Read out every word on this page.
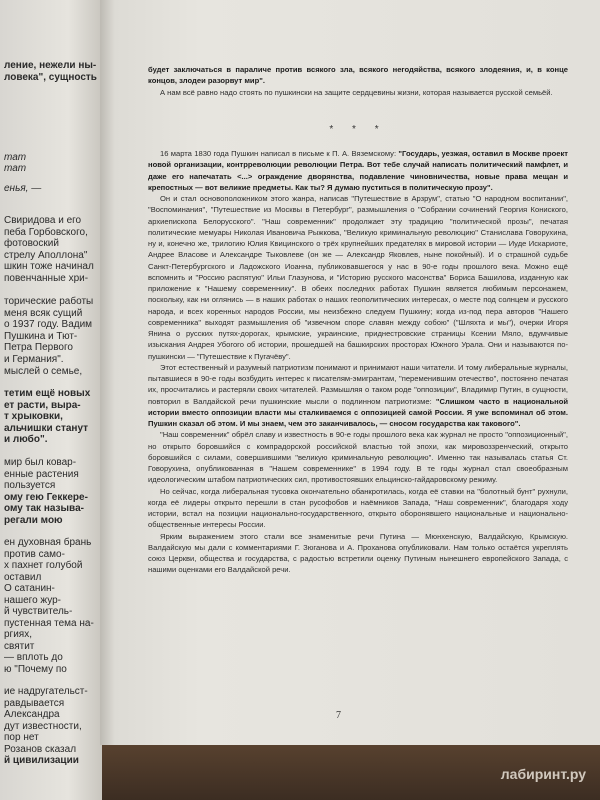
ление, нежели ны-
ловека", сущность
тат
тат
енья, —
Свиридова и его
пеба Горбовского,
фотовоский
стрелу Аполлона"
шкин тоже начинал
повенчанные хри-
торические работы
меня всяк сущий
о 1937 году. Вадим
Пушкина и Тют-
Петра Первого
и Германия".
мыслей о семье,
тетим ещё новых
ет расти, выра-
т хрыковки,
альчишки станут
и любо".
мир был ковар-
енные растения
пользуется
ому гею Геккере-
ому так называ-
регали мою
ен духовная брань
против само-
х пахнет голубой
оставил
О сатанин-
нашего жур-
й чувствитель-
пустенная тема на-
ргиях,
святит
— вплоть до
ю "Почему по
ие надругательст-
равдывается
Александра
дут известности,
пор нет
Розанов сказал
й цивилизации

будет заключаться в параличе против всякого зла, всякого негодяйства, всякого злодеяния, и, в конце концов, злодеи разорвут мир".

А нам всё равно надо стоять по пушкински на защите сердцевины жизни, которая называется русской семьёй.

* * *

16 марта 1830 года Пушкин написал в письме к П. А. Вяземскому: "Государь, уезжая, оставил в Москве проект новой организации, контрреволюции революции Петра. Вот тебе случай написать политический памфлет, и даже его напечатать <...> ограждение дворянства, подавление чиновничества, новые права мещан и крепостных — вот великие предметы. Как ты? Я думаю пуститься в политическую прозу".

Он и стал основоположником этого жанра, написав "Путешествие в Арзрум", статью "О народном воспитании", "Воспоминания", "Путешествие из Москвы в Петербург", размышления о "Собрании сочинений Георгия Кониского, архиепископа Белорусского". "Наш современник" продолжает эту традицию "политической прозы", печатая политические мемуары Николая Ивановича Рыжкова, "Великую криминальную революцию" Станислава Говорухина, ну и, конечно же, трилогию Юлия Квицинского о трёх крупнейших предателях в мировой истории — Иуде Искариоте, Андрее Власове и Александре Тыковлеве (он же — Александр Яковлев, ныне покойный). И о страшной судьбе Санкт-Петербургского и Ладожского Иоанна, публиковавшегося у нас в 90-е годы прошлого века. Можно ещё вспомнить и "Россию распятую" Ильи Глазунова, и "Историю русского масонства" Бориса Башилова, изданную как приложение к "Нашему современнику". В обеих последних работах Пушкин является любимым персонажем, поскольку, как ни оглянись — в наших работах о наших геополитических интересах, о месте под солнцем и русского народа, и всех коренных народов России, мы неизбежно следуем Пушкину; когда из-под пера авторов "Нашего современника" выходят размышления об "извечном споре славян между собою" ("Шляхта и мы"), очерки Игоря Янина о русских путях-дорогах, крымские, украинские, приднестровские страницы Ксении Мяло, вдумчивые изыскания Андрея Убогого об истории, прошедшей на башкирских просторах Южного Урала. Они и называются по-пушкински — "Путешествие к Пугачёву".

Этот естественный и разумный патриотизм понимают и принимают наши читатели. И тому либеральные журналы, пытавшиеся в 90-е годы возбудить интерес к писателям-эмигрантам, "переменившим отечество", постоянно печатая их, просчитались и растеряли своих читателей. Размышляя о таком роде "оппозиции", Владимир Путин, в сущности, повторил в Валдайской речи пушкинские мысли о подлинном патриотизме: "Слишком часто в национальной истории вместо оппозиции власти мы сталкиваемся с оппозицией самой России. Я уже вспоминал об этом. Пушкин сказал об этом. И мы знаем, чем это заканчивалось, — сносом государства как такового".

"Наш современник" обрёл славу и известность в 90-е годы прошлого века как журнал не просто "оппозиционный", но открыто боровшийся с компрадорской российской властью той эпохи, как мировоззренческий, открыто боровшийся с силами, совершившими "великую криминальную революцию". Именно так называлась статья Ст. Говорухина, опубликованная в "Нашем современнике" в 1994 году. В те годы журнал стал своеобразным идеологическим штабом патриотических сил, противостоявших ельцинско-гайдаровскому режиму.

Но сейчас, когда либеральная тусовка окончательно обанкротилась, когда её ставки на "болотный бунт" рухнули, когда её лидеры открыто перешли в стан русофобов и наёмников Запада, "Наш современник", благодаря ходу истории, встал на позиции национально-государственного, открыто оборонявшего национальные и национально-общественные интересы России.

Ярким выражением этого стали все знаменитые речи Путина — Мюнхенскую, Валдайскую, Крымскую. Валдайскую мы дали с комментариями Г. Зюганова и А. Проханова опубликовали. Нам только остаётся укреплять союз Церкви, общества и государства, с радостью встретили оценку Путиным нынешнего европейского Запада, с нашими оценками его Валдайской речи.

7
лабиринт.ру
